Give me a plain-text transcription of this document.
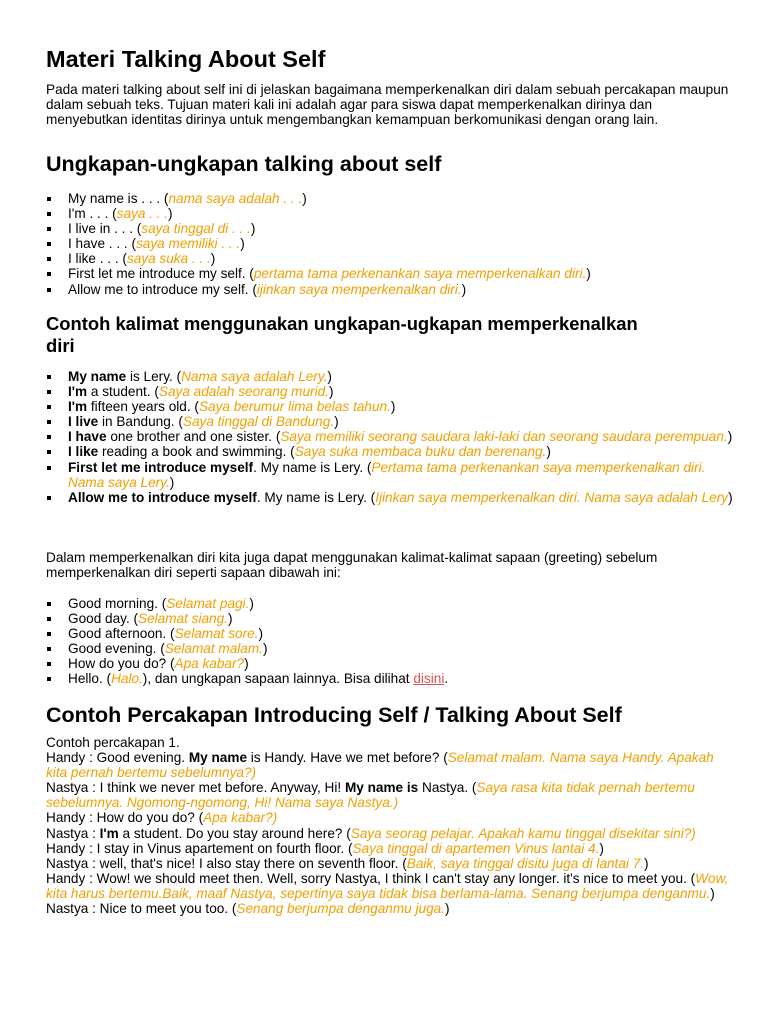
Materi Talking About Self

Pada materi talking about self ini di jelaskan bagaimana memperkenalkan diri dalam sebuah percakapan maupun dalam sebuah teks. Tujuan materi kali ini adalah agar para siswa dapat memperkenalkan dirinya dan menyebutkan identitas dirinya untuk mengembangkan kemampuan berkomunikasi dengan orang lain.

Ungkapan-ungkapan talking about self
My name is . . . (nama saya adalah . . .)
I'm . . . (saya . . .)
I live in . . . (saya tinggal di . . .)
I have . . . (saya memiliki . . .)
I like . . . (saya suka . . .)
First let me introduce my self. (pertama tama perkenankan saya memperkenalkan diri.)
Allow me to introduce my self. (ijinkan saya memperkenalkan diri.)
Contoh kalimat menggunakan ungkapan-ugkapan memperkenalkan diri
My name is Lery. (Nama saya adalah Lery.)
I'm a student. (Saya adalah seorang murid.)
I'm fifteen years old. (Saya berumur lima belas tahun.)
I live in Bandung. (Saya tinggal di Bandung.)
I have one brother and one sister. (Saya memiliki seorang saudara laki-laki dan seorang saudara perempuan.)
I like reading a book and swimming. (Saya suka membaca buku dan berenang.)
First let me introduce myself. My name is Lery. (Pertama tama perkenankan saya memperkenalkan diri. Nama saya Lery.)
Allow me to introduce myself. My name is Lery. (Ijinkan saya memperkenalkan diri. Nama saya adalah Lery)

Dalam memperkenalkan diri kita juga dapat menggunakan kalimat-kalimat sapaan (greeting) sebelum memperkenalkan diri seperti sapaan dibawah ini:

Good morning. (Selamat pagi.)
Good day. (Selamat siang.)
Good afternoon. (Selamat sore.)
Good evening. (Selamat malam.)
How do you do? (Apa kabar?)
Hello. (Halo.), dan ungkapan sapaan lainnya. Bisa dilihat disini.
Contoh Percakapan Introducing Self / Talking About Self
Contoh percakapan 1.
Handy : Good evening. My name is Handy. Have we met before? (Selamat malam. Nama saya Handy. Apakah kita pernah bertemu sebelumnya?)
Nastya : I think we never met before. Anyway, Hi! My name is Nastya. (Saya rasa kita tidak pernah bertemu sebelumnya. Ngomong-ngomong, Hi! Nama saya Nastya.)
Handy : How do you do? (Apa kabar?)
Nastya : I'm a student. Do you stay around here? (Saya seorag pelajar. Apakah kamu tinggal disekitar sini?)
Handy : I stay in Vinus apartement on fourth floor. (Saya tinggal di apartemen Vinus lantai 4.)
Nastya : well, that's nice! I also stay there on seventh floor. (Baik, saya tinggal disitu juga di lantai 7.)
Handy : Wow! we should meet then. Well, sorry Nastya, I think I can't stay any longer. it's nice to meet you. (Wow, kita harus bertemu.Baik, maaf Nastya, sepertinya saya tidak bisa berlama-lama. Senang berjumpa denganmu.)
Nastya : Nice to meet you too. (Senang berjumpa denganmu juga.)
